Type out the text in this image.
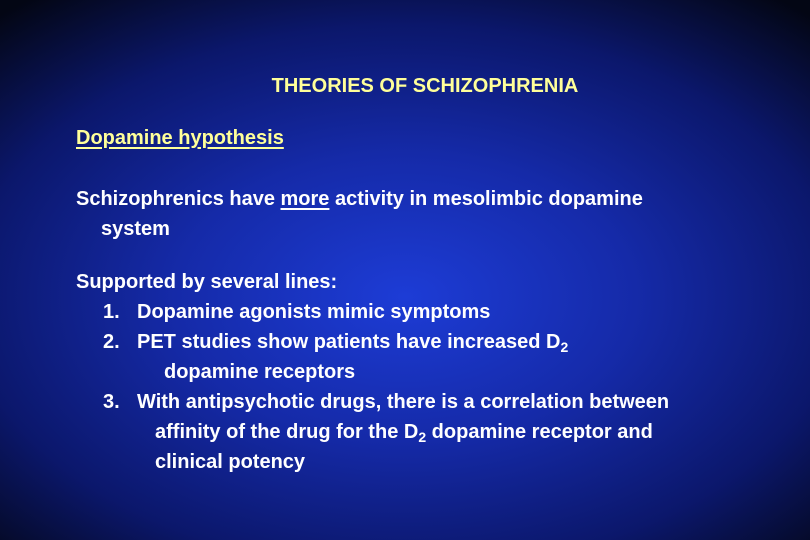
THEORIES OF SCHIZOPHRENIA
Dopamine hypothesis

Schizophrenics have more activity in mesolimbic dopamine
system

Supported by several lines:
1. Dopamine agonists mimic symptoms
2. PET studies show patients have increased $D_2$
dopamine receptors
3. With antipsychotic drugs, there is a correlation between
affinity of the drug for the $D_2$ dopamine receptor and
clinical potency
